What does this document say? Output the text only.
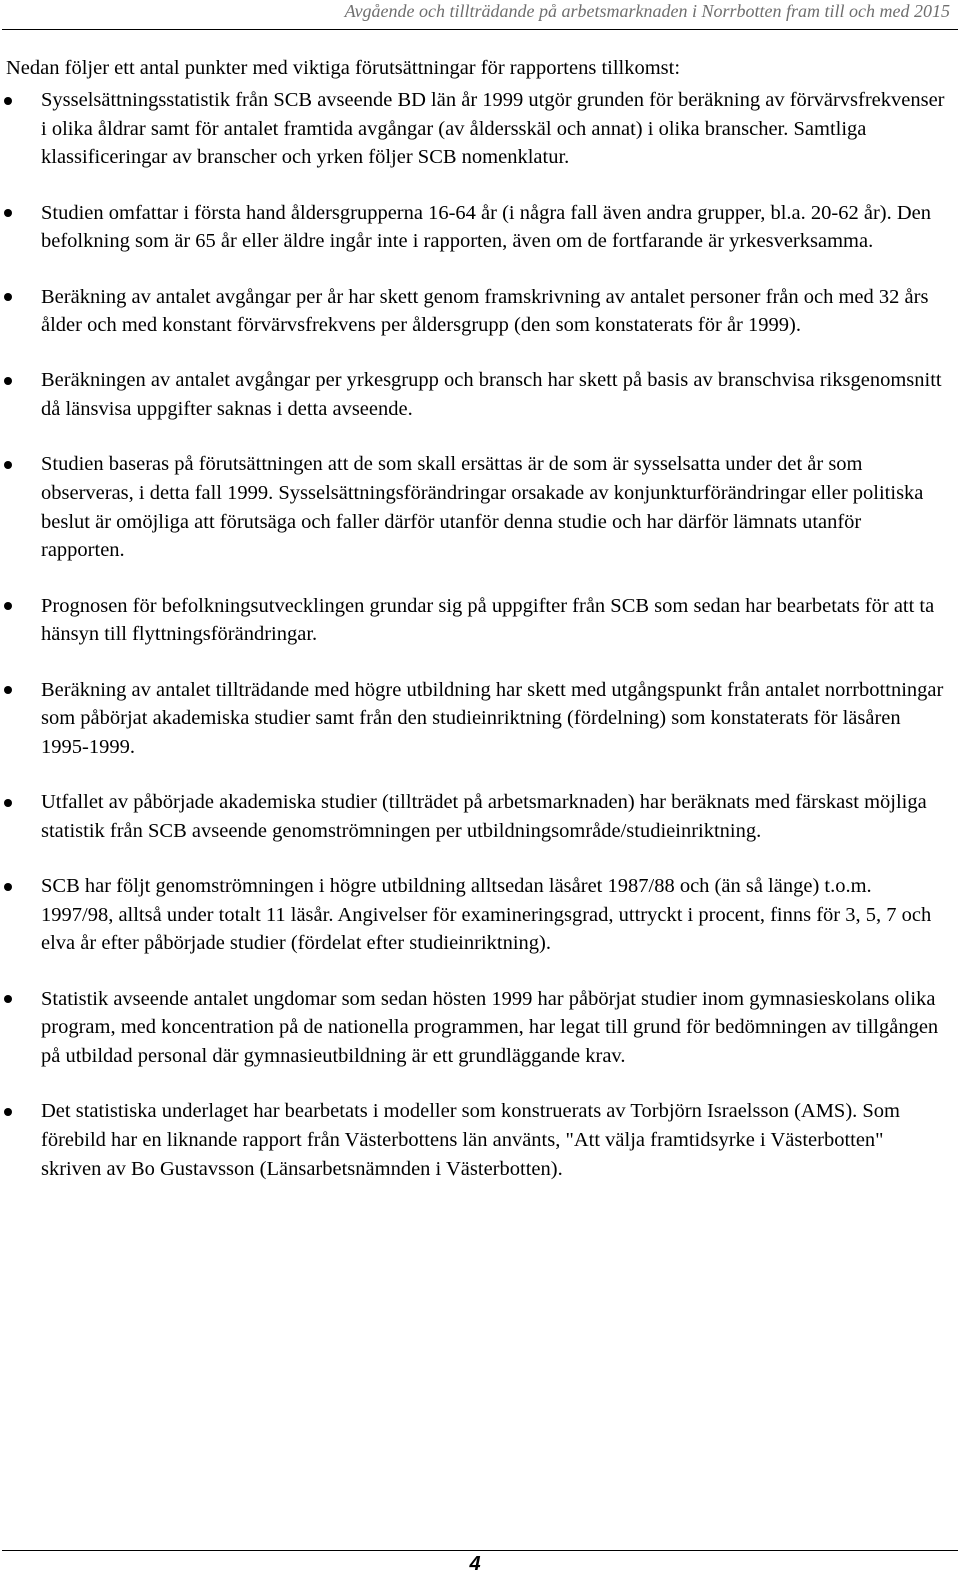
Avgående och tillträdande på arbetsmarknaden i Norrbotten fram till och med 2015

Nedan följer ett antal punkter med viktiga förutsättningar för rapportens tillkomst:

Sysselsättningsstatistik från SCB avseende BD län år 1999 utgör grunden för beräkning av förvärvsfrekvenser i olika åldrar samt för antalet framtida avgångar (av åldersskäl och annat) i olika branscher. Samtliga klassificeringar av branscher och yrken följer SCB nomenklatur.
Studien omfattar i första hand åldersgrupperna 16-64 år (i några fall även andra grupper, bl.a. 20-62 år). Den befolkning som är 65 år eller äldre ingår inte i rapporten, även om de fortfarande är yrkesverksamma.
Beräkning av antalet avgångar per år har skett genom framskrivning av antalet personer från och med 32 års ålder och med konstant förvärvsfrekvens per åldersgrupp (den som konstaterats för år 1999).
Beräkningen av antalet avgångar per yrkesgrupp och bransch har skett på basis av branschvisa riksgenomsnitt då länsvisa uppgifter saknas i detta avseende.
Studien baseras på förutsättningen att de som skall ersättas är de som är sysselsatta under det år som observeras, i detta fall 1999. Sysselsättningsförändringar orsakade av konjunkturförändringar eller politiska beslut är omöjliga att förutsäga och faller därför utanför denna studie och har därför lämnats utanför rapporten.
Prognosen för befolkningsutvecklingen grundar sig på uppgifter från SCB som sedan har bearbetats för att ta hänsyn till flyttningsförändringar.
Beräkning av antalet tillträdande med högre utbildning har skett med utgångspunkt från antalet norrbottningar som påbörjat akademiska studier samt från den studieinriktning (fördelning) som konstaterats för läsåren 1995-1999.
Utfallet av påbörjade akademiska studier (tillträdet på arbetsmarknaden) har beräknats med färskast möjliga statistik från SCB avseende genomströmningen per utbildningsområde/studieinriktning.
SCB har följt genomströmningen i högre utbildning alltsedan läsåret 1987/88 och (än så länge) t.o.m. 1997/98, alltså under totalt 11 läsår. Angivelser för examineringsgrad, uttryckt i procent, finns för 3, 5, 7 och elva år efter påbörjade studier (fördelat efter studieinriktning).
Statistik avseende antalet ungdomar som sedan hösten 1999 har påbörjat studier inom gymnasieskolans olika program, med koncentration på de nationella programmen, har legat till grund för bedömningen av tillgången på utbildad personal där gymnasieutbildning är ett grundläggande krav.
Det statistiska underlaget har bearbetats i modeller som konstruerats av Torbjörn Israelsson (AMS). Som förebild har en liknande rapport från Västerbottens län använts, "Att välja framtidsyrke i Västerbotten" skriven av Bo Gustavsson (Länsarbetsnämnden i Västerbotten).
4
